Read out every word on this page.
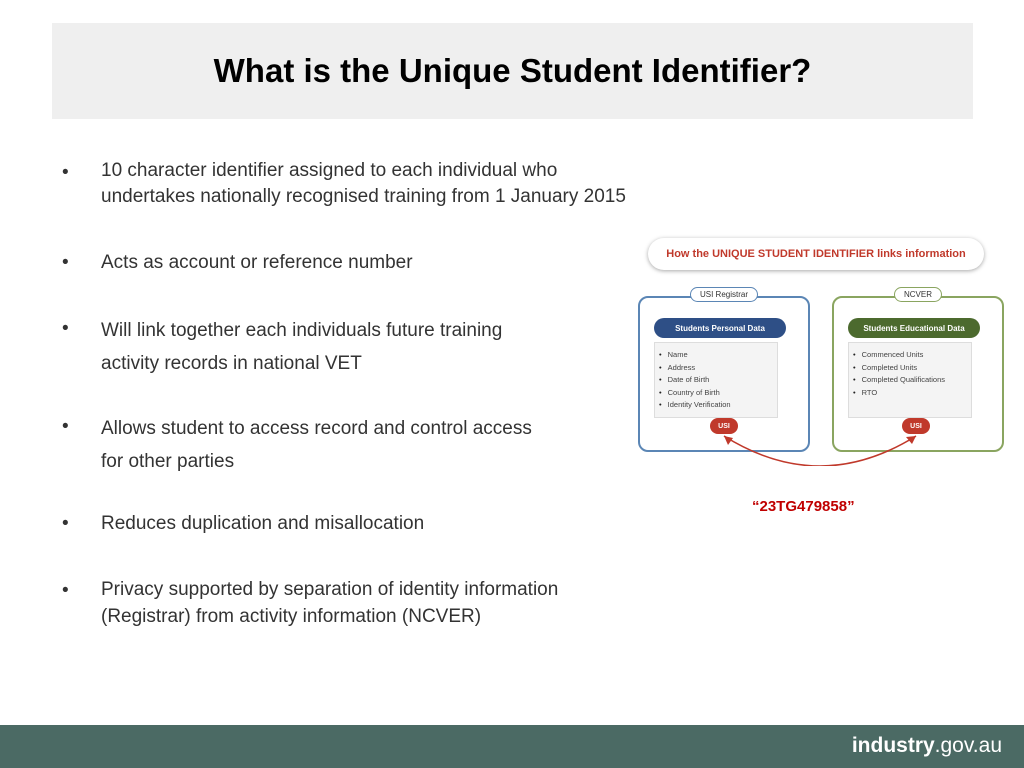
What is the Unique Student Identifier?
• 10 character identifier assigned to each individual who
undertakes nationally recognised training from 1 January 2015
• Acts as account or reference number
• Will link together each individuals future training
activity records in national VET
• Allows student to access record and control access
for other parties
• Reduces duplication and misallocation
• Privacy supported by separation of identity information
(Registrar) from activity information (NCVER)
How the UNIQUE STUDENT IDENTIFIER links information
USI Registrar
Students Personal Data
• Name
• Address
• Date of Birth
• Country of Birth
• Identity Verification
NCVER
Students Educational Data
• Commenced Units
• Completed Units
• Completed Qualifications
• RTO
USI	USI
“23TG479858”
industry.gov.au
